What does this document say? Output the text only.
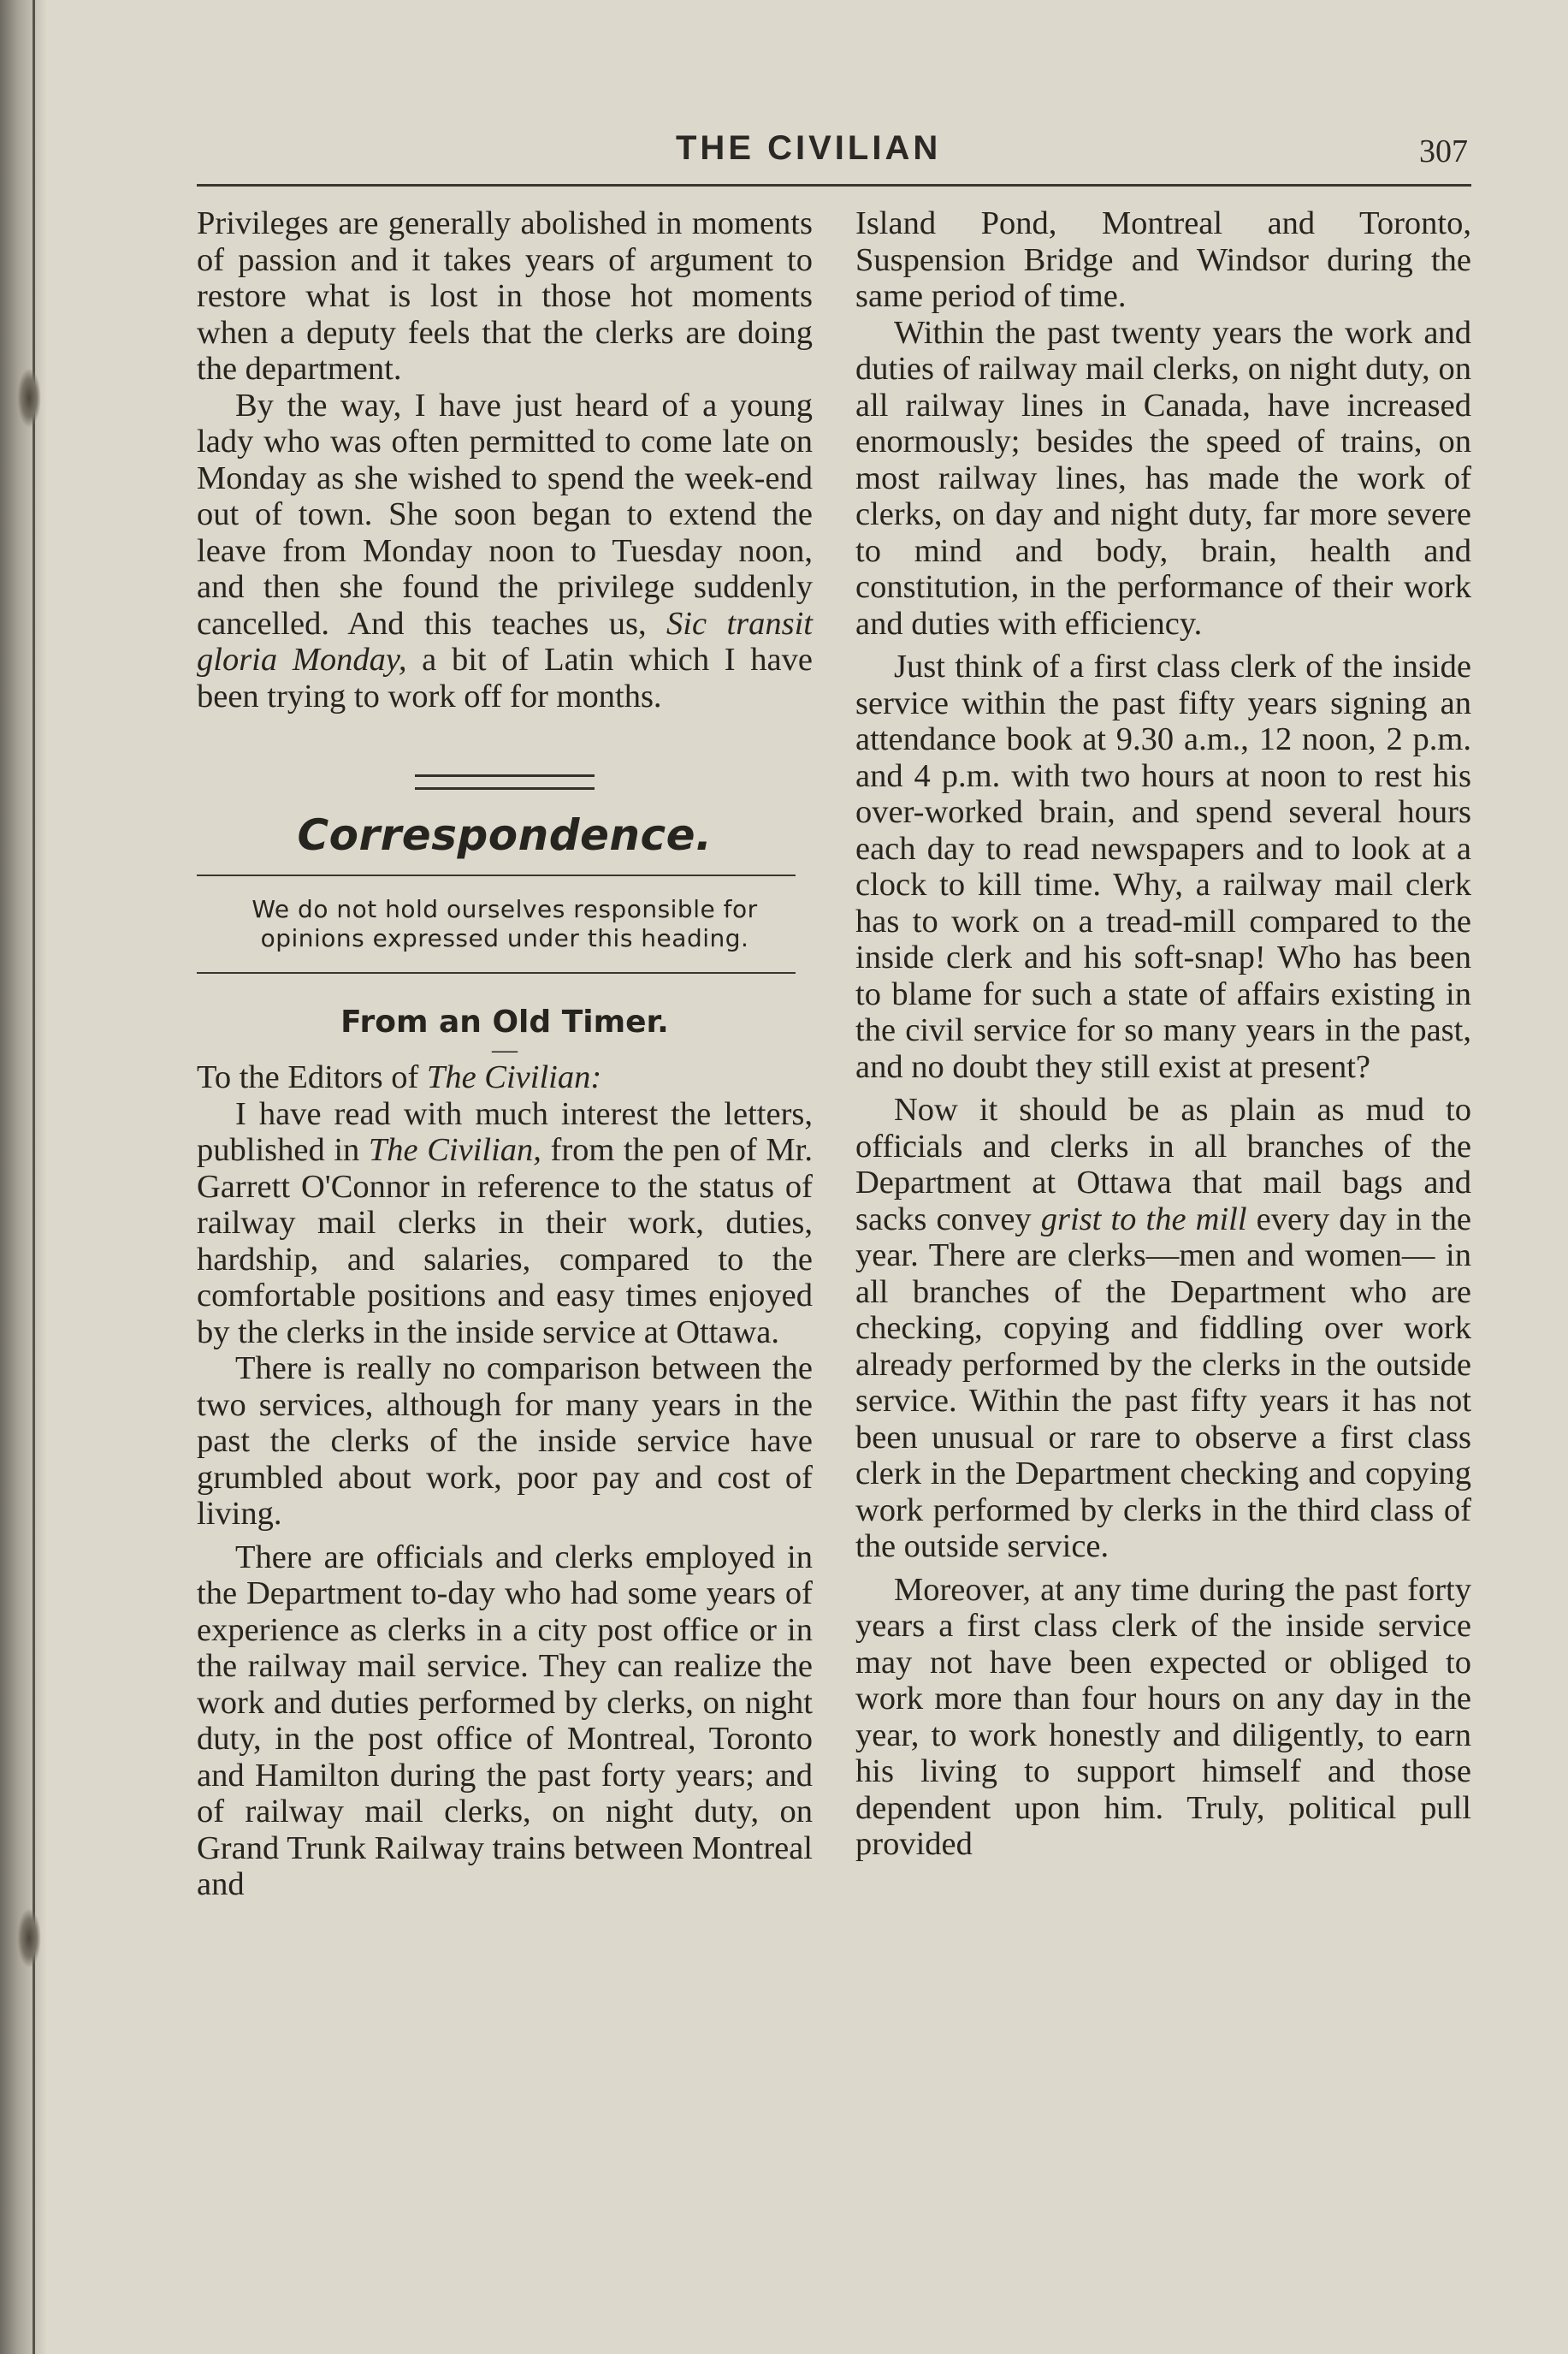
THE CIVILIAN	307

Privileges are generally abolished in moments of passion and it takes years of argument to restore what is lost in those hot moments when a deputy feels that the clerks are doing the department.

By the way, I have just heard of a young lady who was often permitted to come late on Monday as she wished to spend the week-end out of town. She soon began to extend the leave from Monday noon to Tuesday noon, and then she found the privilege suddenly cancelled. And this teaches us, Sic transit gloria Monday, a bit of Latin which I have been trying to work off for months.

Correspondence.
We do not hold ourselves responsible for opinions expressed under this heading.
From an Old Timer.
—

To the Editors of The Civilian:

I have read with much interest the letters, published in The Civilian, from the pen of Mr. Garrett O'Connor in reference to the status of railway mail clerks in their work, duties, hardship, and salaries, compared to the comfortable positions and easy times enjoyed by the clerks in the inside service at Ottawa.

There is really no comparison between the two services, although for many years in the past the clerks of the inside service have grumbled about work, poor pay and cost of living.

There are officials and clerks employed in the Department to-day who had some years of experience as clerks in a city post office or in the railway mail service. They can realize the work and duties performed by clerks, on night duty, in the post office of Montreal, Toronto and Hamilton during the past forty years; and of railway mail clerks, on night duty, on Grand Trunk Railway trains between Montreal and

Island Pond, Montreal and Toronto, Suspension Bridge and Windsor during the same period of time.

Within the past twenty years the work and duties of railway mail clerks, on night duty, on all railway lines in Canada, have increased enormously; besides the speed of trains, on most railway lines, has made the work of clerks, on day and night duty, far more severe to mind and body, brain, health and constitution, in the performance of their work and duties with efficiency.

Just think of a first class clerk of the inside service within the past fifty years signing an attendance book at 9.30 a.m., 12 noon, 2 p.m. and 4 p.m. with two hours at noon to rest his over-worked brain, and spend several hours each day to read newspapers and to look at a clock to kill time. Why, a railway mail clerk has to work on a tread-mill compared to the inside clerk and his soft-snap! Who has been to blame for such a state of affairs existing in the civil service for so many years in the past, and no doubt they still exist at present?

Now it should be as plain as mud to officials and clerks in all branches of the Department at Ottawa that mail bags and sacks convey grist to the mill every day in the year. There are clerks—men and women— in all branches of the Department who are checking, copying and fiddling over work already performed by the clerks in the outside service. Within the past fifty years it has not been unusual or rare to observe a first class clerk in the Department checking and copying work performed by clerks in the third class of the outside service.

Moreover, at any time during the past forty years a first class clerk of the inside service may not have been expected or obliged to work more than four hours on any day in the year, to work honestly and diligently, to earn his living to support himself and those dependent upon him. Truly, political pull provided
